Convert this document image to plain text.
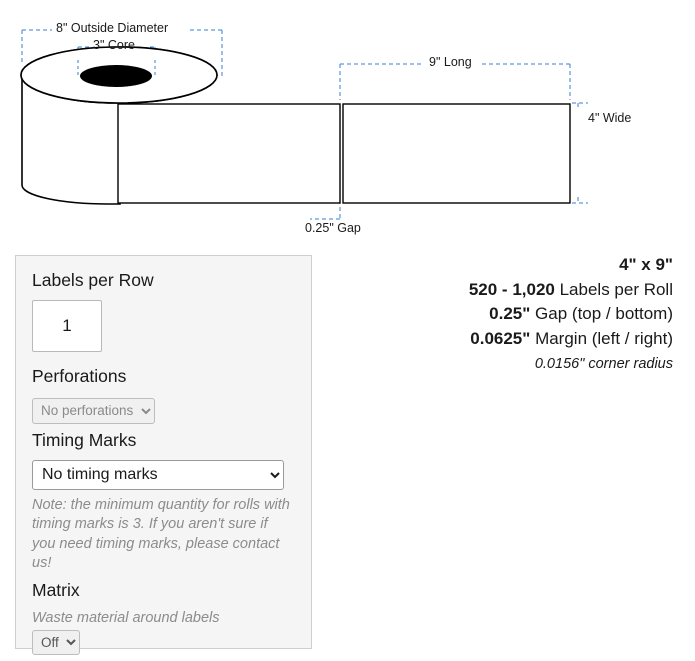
8" Outside Diameter
3" Core
9" Long
4" Wide
0.25" Gap
Labels per Row
1
Perforations
No perforations
Timing Marks
No timing marks

Note: the minimum quantity for rolls with timing marks is 3. If you aren't sure if you need timing marks, please contact us!

Matrix

Waste material around labels

Off
4" x 9"
520 - 1,020 Labels per Roll
0.25" Gap (top / bottom)
0.0625" Margin (left / right)
0.0156" corner radius
